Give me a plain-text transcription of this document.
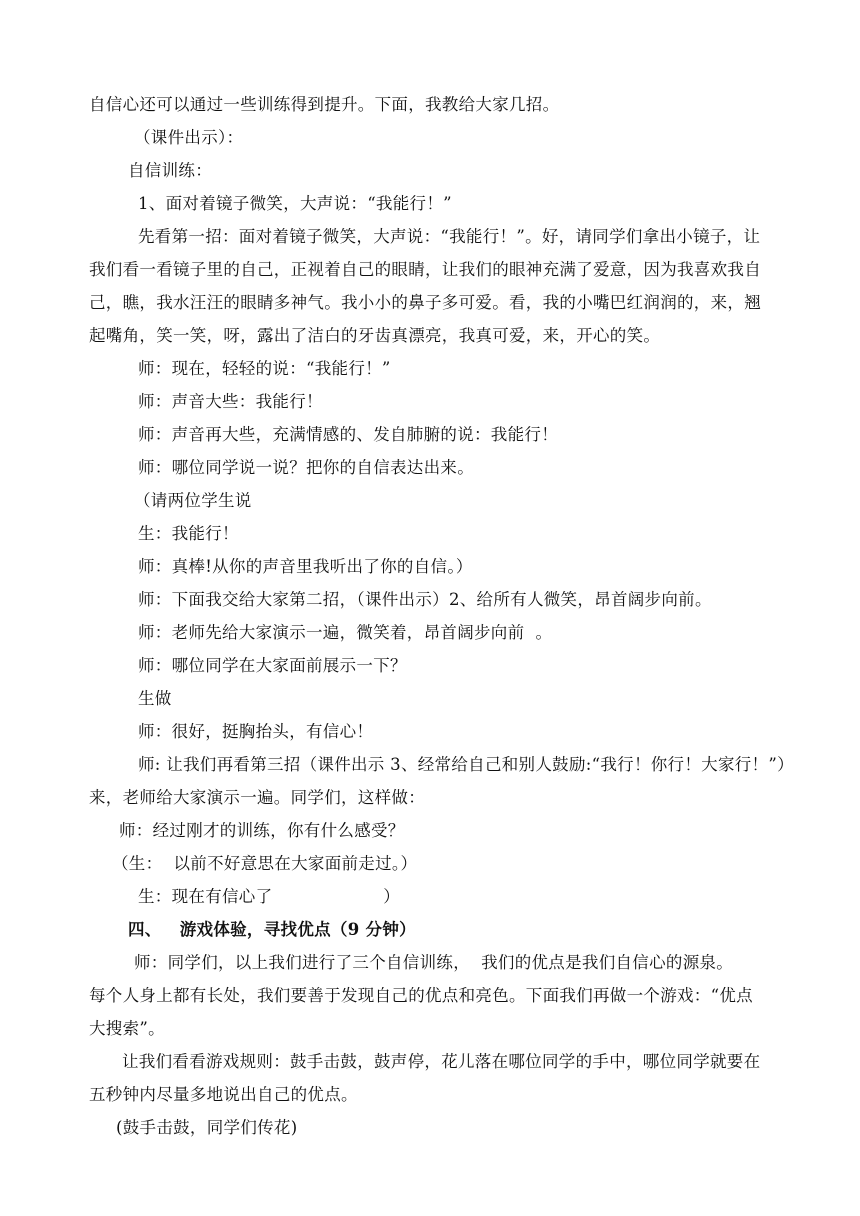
自信心还可以通过一些训练得到提升。下面，我教给大家几招。
（课件出示）：
自信训练：
1、面对着镜子微笑，大声说：“我能行！”
先看第一招：面对着镜子微笑，大声说：“我能行！”。好，请同学们拿出小镜子，让
我们看一看镜子里的自己，正视着自己的眼睛，让我们的眼神充满了爱意，因为我喜欢我自
己，瞧，我水汪汪的眼睛多神气。我小小的鼻子多可爱。看，我的小嘴巴红润润的，来，翘
起嘴角，笑一笑，呀，露出了洁白的牙齿真漂亮，我真可爱，来，开心的笑。
师：现在，轻轻的说：“我能行！”
师：声音大些：我能行！
师：声音再大些，充满情感的、发自肺腑的说：我能行！
师：哪位同学说一说？把你的自信表达出来。
（请两位学生说
生：我能行！
师：真棒!从你的声音里我听出了你的自信。）
师：下面我交给大家第二招，（课件出示）2、给所有人微笑，昂首阔步向前。
师：老师先给大家演示一遍，微笑着，昂首阔步向前  。
师：哪位同学在大家面前展示一下？
生做
师：很好，挺胸抬头，有信心！
师: 让我们再看第三招（课件出示 3、经常给自己和别人鼓励:“我行！你行！大家行！”）
来，老师给大家演示一遍。同学们，这样做：
师：经过刚才的训练，你有什么感受？
（生：  以前不好意思在大家面前走过。）
生：现在有信心了                    ）
四、   游戏体验，寻找优点（9 分钟）
师：同学们，以上我们进行了三个自信训练，  我们的优点是我们自信心的源泉。
每个人身上都有长处，我们要善于发现自己的优点和亮色。下面我们再做一个游戏：“优点
大搜索”。
让我们看看游戏规则：鼓手击鼓，鼓声停，花儿落在哪位同学的手中，哪位同学就要在
五秒钟内尽量多地说出自己的优点。
(鼓手击鼓，同学们传花)
